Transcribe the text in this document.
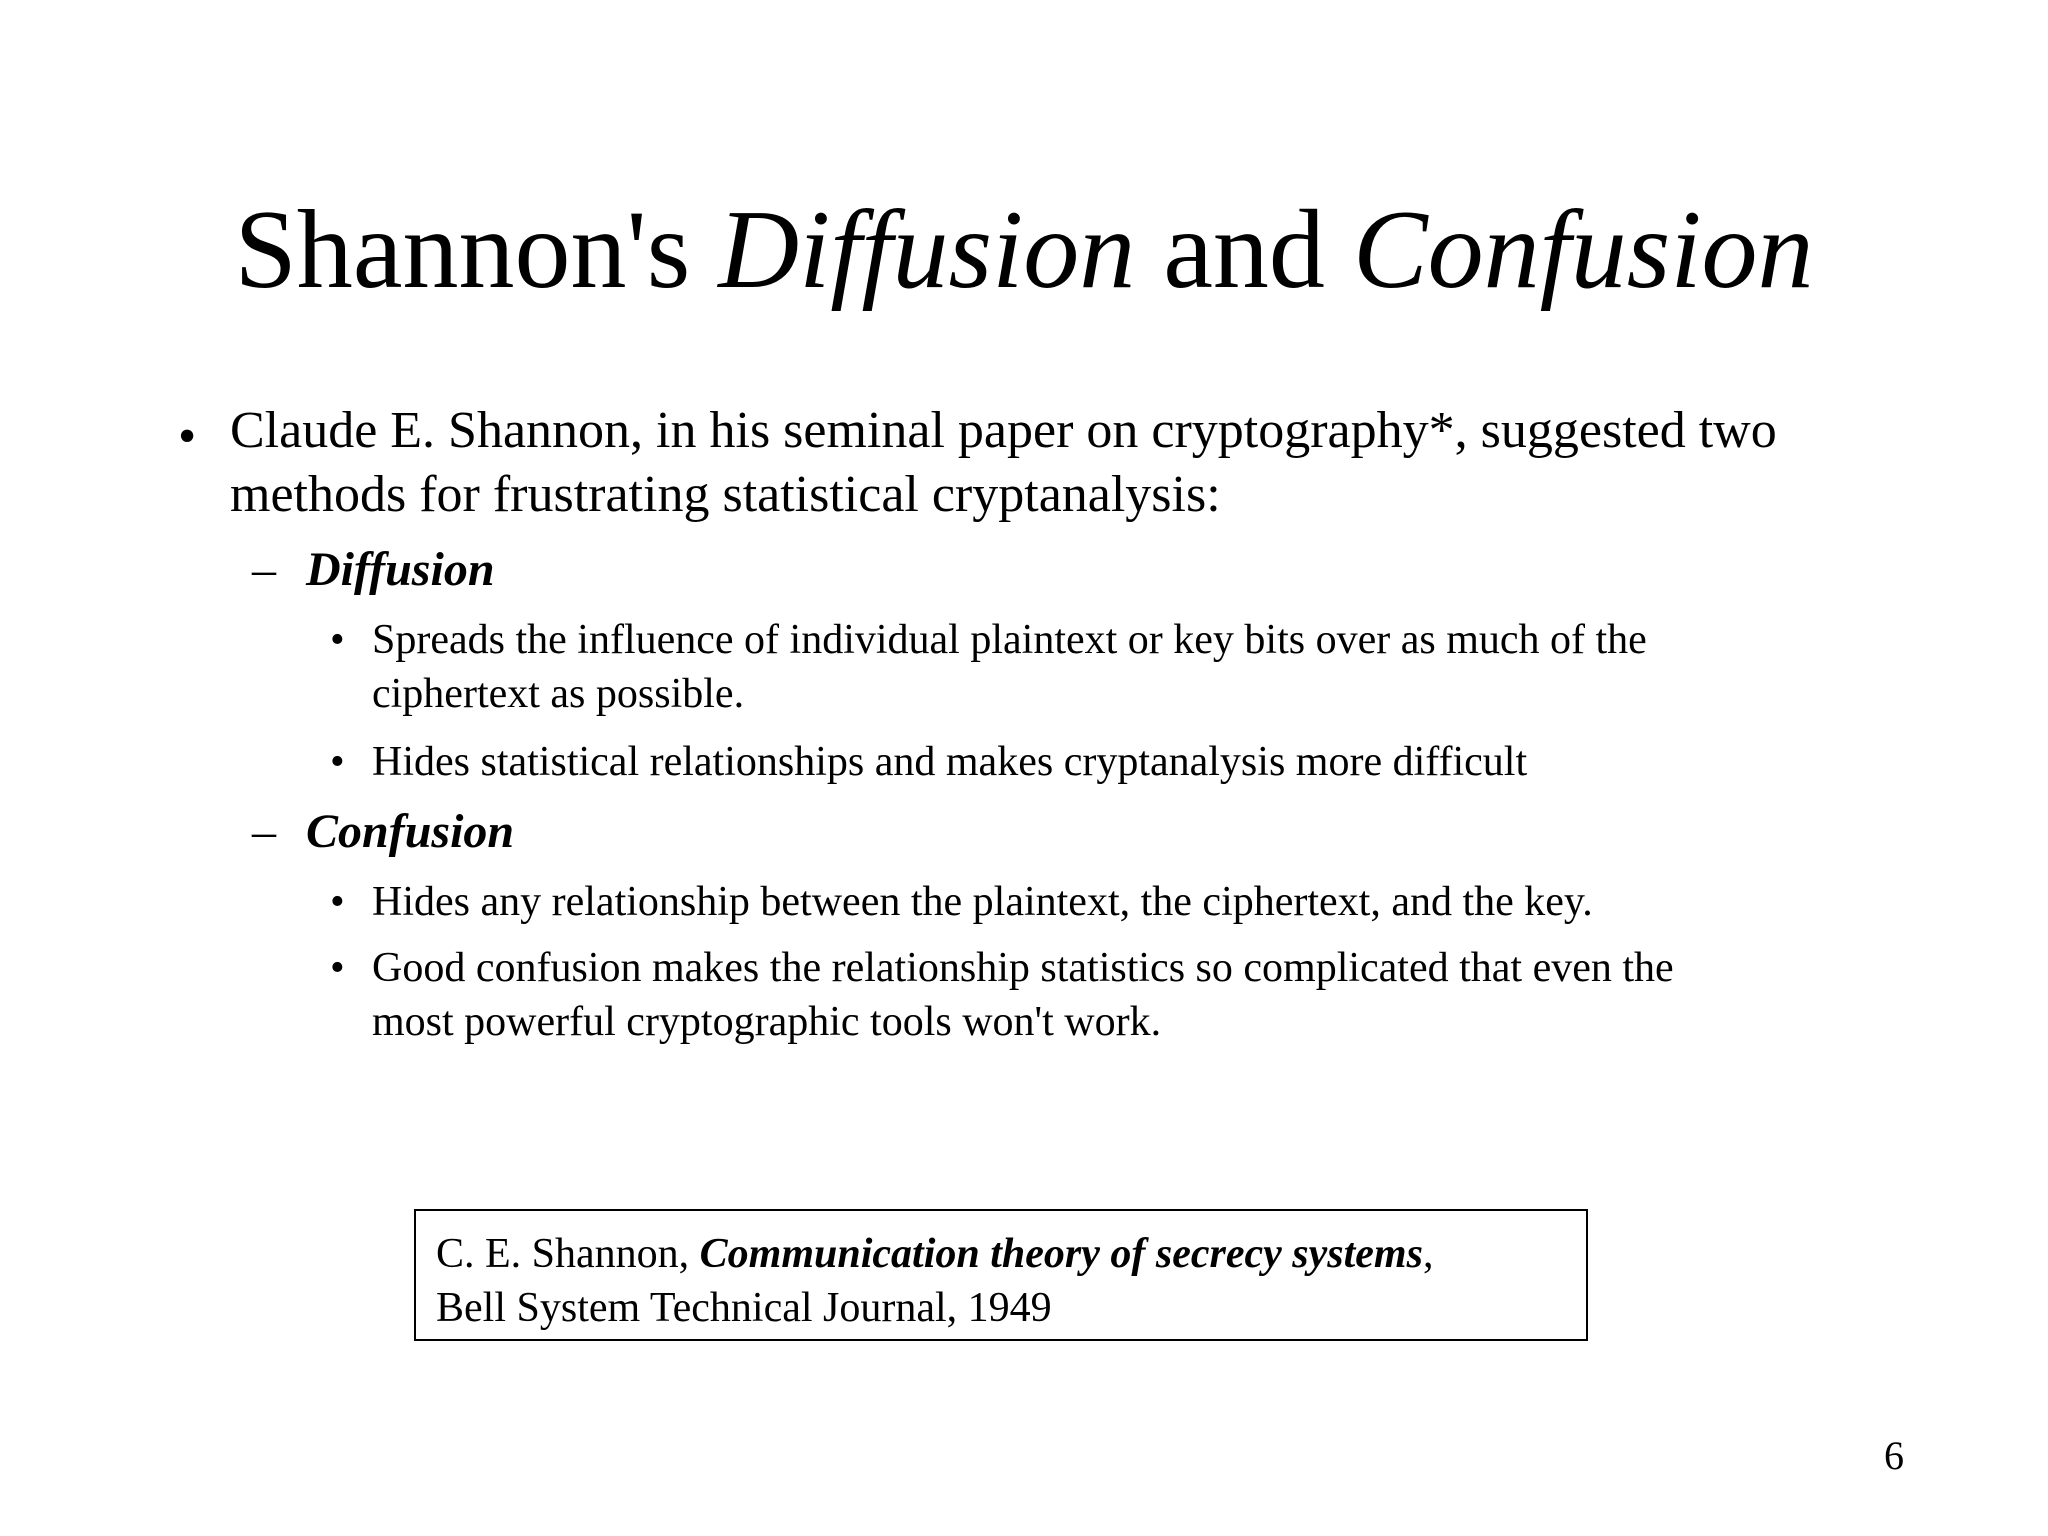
Shannon's Diffusion and Confusion
• Claude E. Shannon, in his seminal paper on cryptography*, suggested two
methods for frustrating statistical cryptanalysis:
– Diffusion
• Spreads the influence of individual plaintext or key bits over as much of the
ciphertext as possible.
• Hides statistical relationships and makes cryptanalysis more difficult
– Confusion
• Hides any relationship between the plaintext, the ciphertext, and the key.
• Good confusion makes the relationship statistics so complicated that even the
most powerful cryptographic tools won't work.
C. E. Shannon, Communication theory of secrecy systems,
Bell System Technical Journal, 1949
6
